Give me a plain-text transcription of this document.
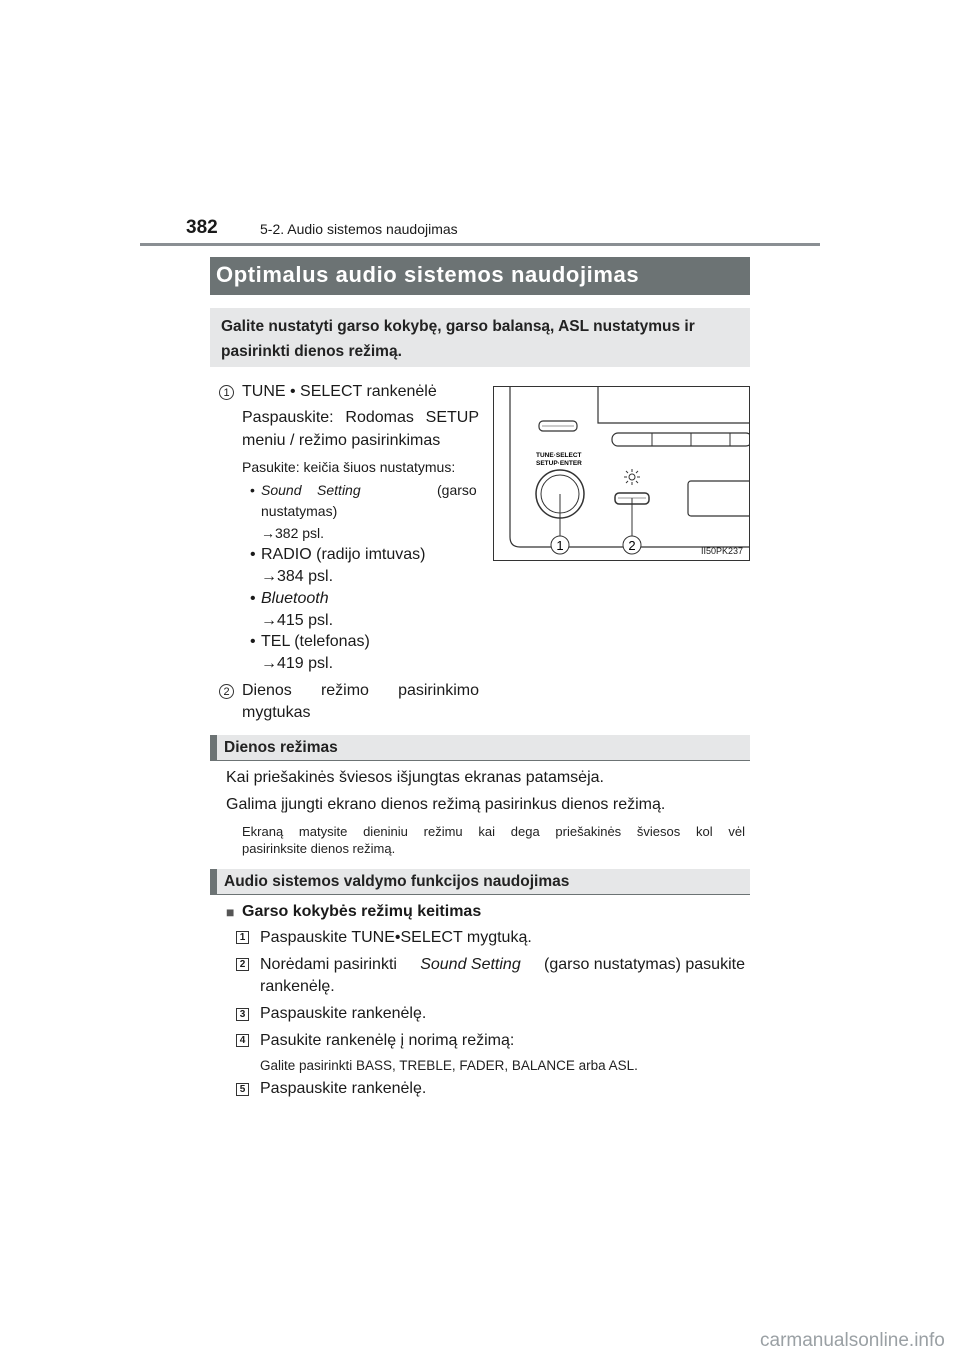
382	5-2. Audio sistemos naudojimas
Optimalus audio sistemos naudojimas
Galite nustatyti garso kokybę, garso balansą, ASL nustatymus ir
pasirinkti dienos režimą.
1 TUNE • SELECT rankenėlė
Paspauskite: Rodomas SETUP
meniu / režimo pasirinkimas
Pasukite: keičia šiuos nustatymus:
• Sound    Setting	(garso
nustatymas)
→382 psl.
• RADIO (radijo imtuvas)
→384 psl.
• Bluetooth
→415 psl.
• TEL (telefonas)
→419 psl.
2 Dienos režimo pasirinkimo
mygtukas
TUNE·SELECT
SETUP·ENTER
1	2	II50PK237
Dienos režimas
Kai priešakinės šviesos išjungtas ekranas patamsėja.
Galima įjungti ekrano dienos režimą pasirinkus dienos režimą.
Ekraną matysite dieniniu režimu kai dega priešakinės šviesos kol vėl
pasirinksite dienos režimą.
Audio sistemos valdymo funkcijos naudojimas
■ Garso kokybės režimų keitimas
1 Paspauskite TUNE•SELECT mygtuką.
2 Norėdami pasirinkti Sound Setting (garso nustatymas) pasukite
rankenėlę.
3 Paspauskite rankenėlę.
4 Pasukite rankenėlę į norimą režimą:
Galite pasirinkti BASS, TREBLE, FADER, BALANCE arba ASL.
5 Paspauskite rankenėlę.
carmanualsonline.info
